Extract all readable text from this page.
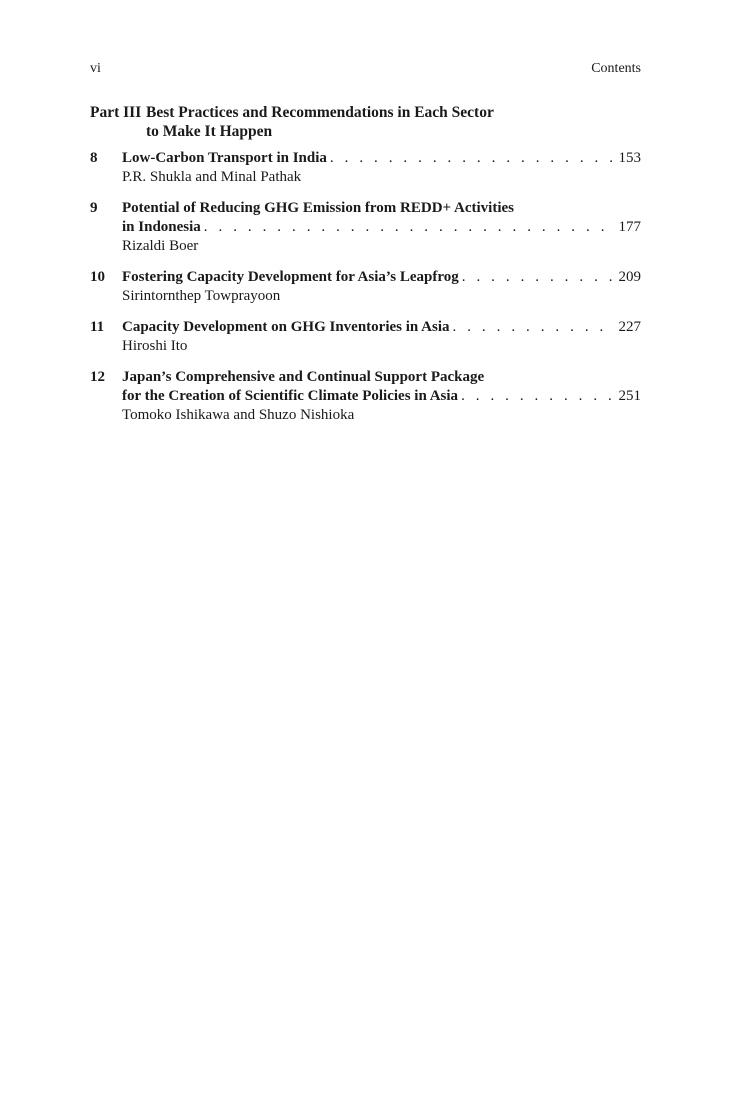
vi	Contents
Part III Best Practices and Recommendations in Each Sector
to Make It Happen
8	Low-Carbon Transport in India . . .	153
P.R. Shukla and Minal Pathak
9	Potential of Reducing GHG Emission from REDD+ Activities
in Indonesia . . .	177
Rizaldi Boer
10	Fostering Capacity Development for Asia’s Leapfrog . . .	209
Sirintornthep Towprayoon
11	Capacity Development on GHG Inventories in Asia . . .	227
Hiroshi Ito
12	Japan’s Comprehensive and Continual Support Package
for the Creation of Scientific Climate Policies in Asia . . .	251
Tomoko Ishikawa and Shuzo Nishioka
